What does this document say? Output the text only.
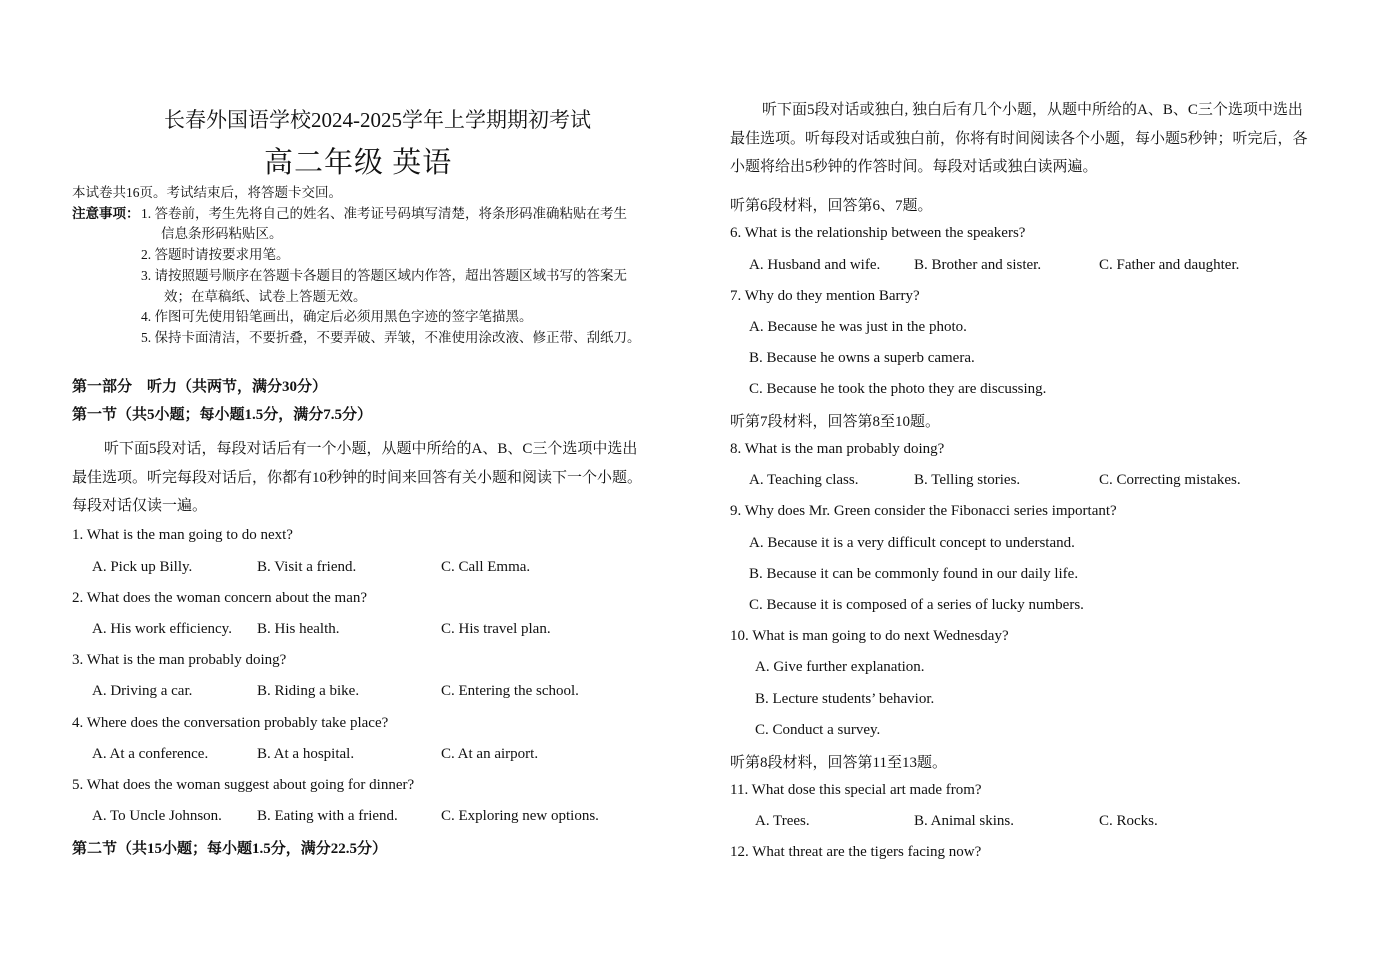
长春外国语学校2024-2025学年上学期期初考试
高二年级 英语
本试卷共16页。考试结束后，将答题卡交回。
注意事项： 1. 答卷前，考生先将自己的姓名、准考证号码填写清楚，将条形码准确粘贴在考生
信息条形码粘贴区。
2. 答题时请按要求用笔。
3. 请按照题号顺序在答题卡各题目的答题区域内作答，超出答题区域书写的答案无
效；在草稿纸、试卷上答题无效。
4. 作图可先使用铅笔画出，确定后必须用黑色字迹的签字笔描黑。
5. 保持卡面清洁，不要折叠，不要弄破、弄皱，不准使用涂改液、修正带、刮纸刀。
第一部分　听力（共两节，满分30分）
第一节（共5小题；每小题1.5分，满分7.5分）
听下面5段对话，每段对话后有一个小题，从题中所给的A、B、C三个选项中选出最佳选项。听完每段对话后，你都有10秒钟的时间来回答有关小题和阅读下一个小题。每段对话仅读一遍。
1. What is the man going to do next?
A. Pick up Billy.	B. Visit a friend.	C. Call Emma.
2. What does the woman concern about the man?
A. His work efficiency. B. His health.	C. His travel plan.
3. What is the man probably doing?
A. Driving a car.	B. Riding a bike.	C. Entering the school.
4. Where does the conversation probably take place?
A. At a conference.	B. At a hospital.	C. At an airport.
5. What does the woman suggest about going for dinner?
A. To Uncle Johnson. B. Eating with a friend.	C. Exploring new options.
第二节（共15小题；每小题1.5分，满分22.5分）
听下面5段对话或独白, 独白后有几个小题，从题中所给的A、B、C三个选项中选出最佳选项。听每段对话或独白前，你将有时间阅读各个小题，每小题5秒钟；听完后，各小题将给出5秒钟的作答时间。每段对话或独白读两遍。
听第6段材料，回答第6、7题。
6. What is the relationship between the speakers?
A. Husband and wife. B. Brother and sister.	C. Father and daughter.
7. Why do they mention Barry?
A. Because he was just in the photo.
B. Because he owns a superb camera.
C. Because he took the photo they are discussing.
听第7段材料，回答第8至10题。
8. What is the man probably doing?
A. Teaching class.	B. Telling stories.	C. Correcting mistakes.
9. Why does Mr. Green consider the Fibonacci series important?
A. Because it is a very difficult concept to understand.
B. Because it can be commonly found in our daily life.
C. Because it is composed of a series of lucky numbers.
10. What is man going to do next Wednesday?
A. Give further explanation.
B. Lecture students’ behavior.
C. Conduct a survey.
听第8段材料，回答第11至13题。
11. What dose this special art made from?
A. Trees.	B. Animal skins.	C. Rocks.
12. What threat are the tigers facing now?
